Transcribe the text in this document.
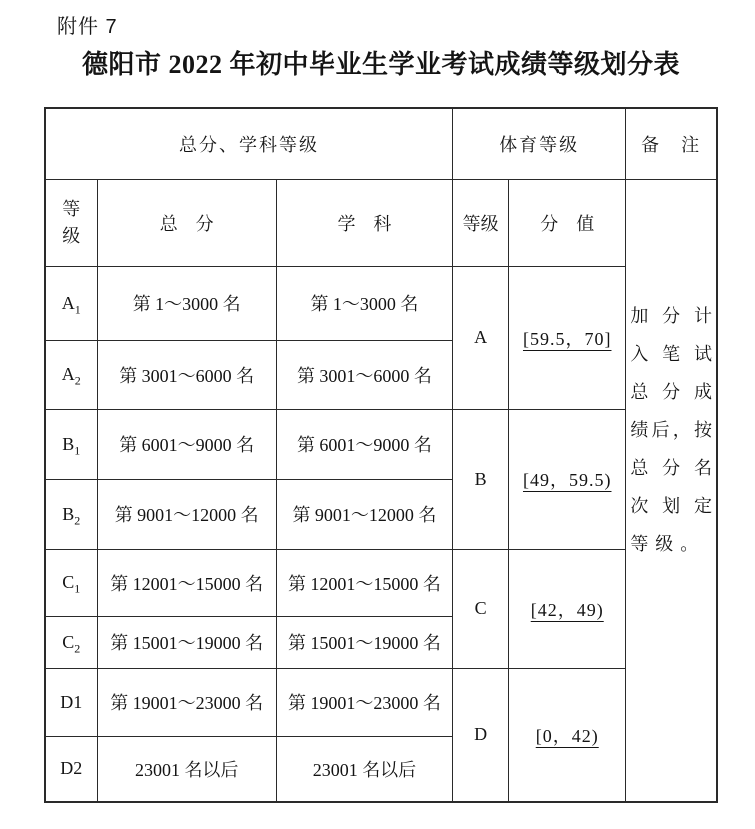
附件 7
德阳市 2022 年初中毕业生学业考试成绩等级划分表
总分、学科等级			体育等级		备　注

等级
	总　分	学　科	等级	分　值	
加分计
入笔试
总分成
绩后，按
总分名
次划定
等级。

$A_1$	第 1～3000 名	第 1～3000 名	A	[59.5，70]	
$A_2$	第 3001～6000 名	第 3001～6000 名			
$B_1$	第 6001～9000 名	第 6001～9000 名	B	[49，59.5)	
$B_2$	第 9001～12000 名	第 9001～12000 名			
$C_1$	第 12001～15000 名	第 12001～15000 名	C	[42，49)	
$C_2$	第 15001～19000 名	第 15001～19000 名			
D1	第 19001～23000 名	第 19001～23000 名	D	[0，42)	
D2	23001 名以后	23001 名以后			
